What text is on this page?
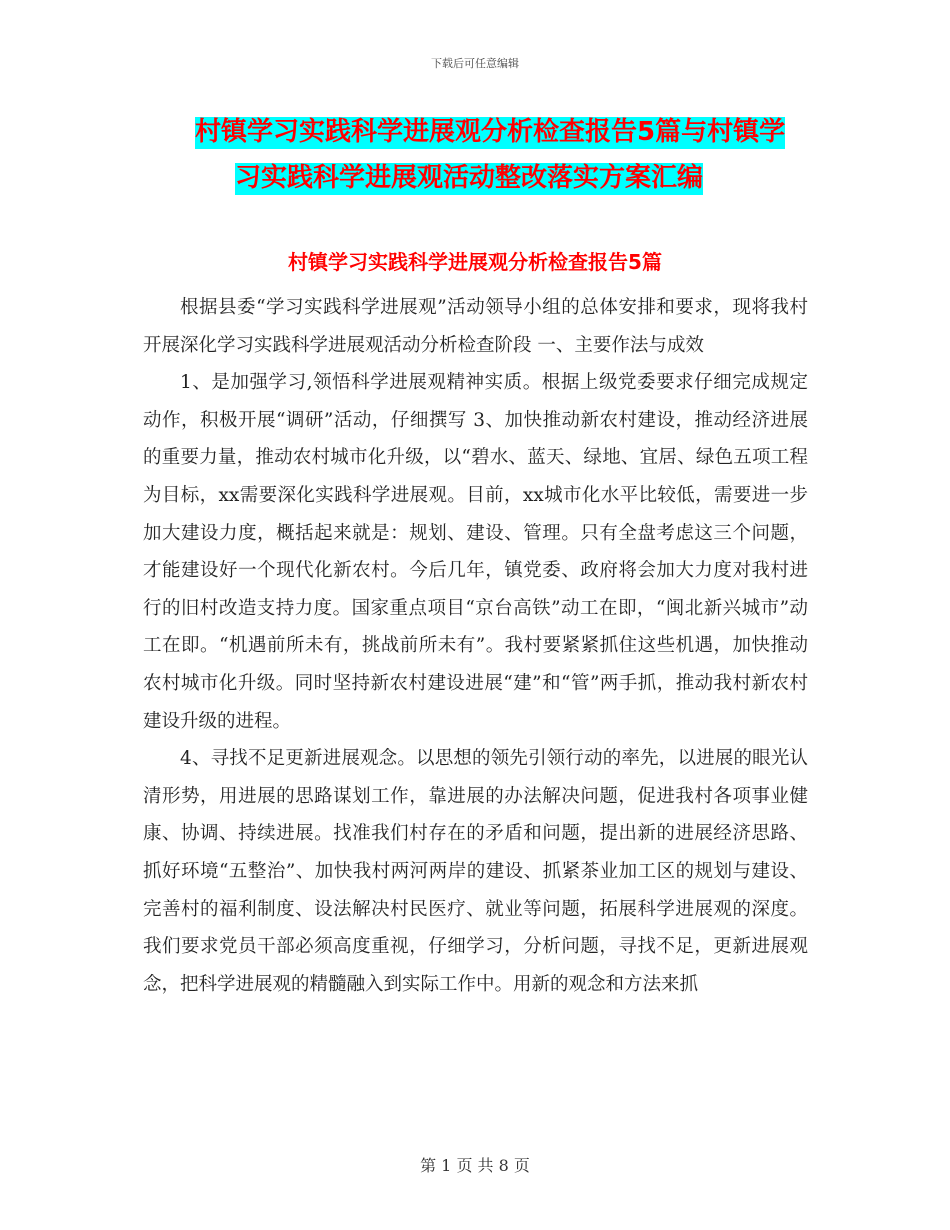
下载后可任意编辑
村镇学习实践科学进展观分析检查报告5篇与村镇学
习实践科学进展观活动整改落实方案汇编
村镇学习实践科学进展观分析检查报告5篇

根据县委“学习实践科学进展观”活动领导小组的总体安排和要求，现将我村开展深化学习实践科学进展观活动分析检查阶段 一、主要作法与成效

1、是加强学习,领悟科学进展观精神实质。根据上级党委要求仔细完成规定动作，积极开展“调研”活动，仔细撰写 3、加快推动新农村建设，推动经济进展的重要力量，推动农村城市化升级，以“碧水、蓝天、绿地、宜居、绿色五项工程为目标，xx需要深化实践科学进展观。目前，xx城市化水平比较低，需要进一步加大建设力度，概括起来就是：规划、建设、管理。只有全盘考虑这三个问题，才能建设好一个现代化新农村。今后几年，镇党委、政府将会加大力度对我村进行的旧村改造支持力度。国家重点项目“京台高铁”动工在即，“闽北新兴城市”动工在即。“机遇前所未有，挑战前所未有”。我村要紧紧抓住这些机遇，加快推动农村城市化升级。同时坚持新农村建设进展“建”和“管”两手抓，推动我村新农村建设升级的进程。

4、寻找不足更新进展观念。以思想的领先引领行动的率先，以进展的眼光认清形势，用进展的思路谋划工作，靠进展的办法解决问题，促进我村各项事业健康、协调、持续进展。找准我们村存在的矛盾和问题，提出新的进展经济思路、抓好环境“五整治”、加快我村两河两岸的建设、抓紧茶业加工区的规划与建设、完善村的福利制度、设法解决村民医疗、就业等问题，拓展科学进展观的深度。我们要求党员干部必须高度重视，仔细学习，分析问题，寻找不足，更新进展观念，把科学进展观的精髓融入到实际工作中。用新的观念和方法来抓

第 1 页 共 8 页
